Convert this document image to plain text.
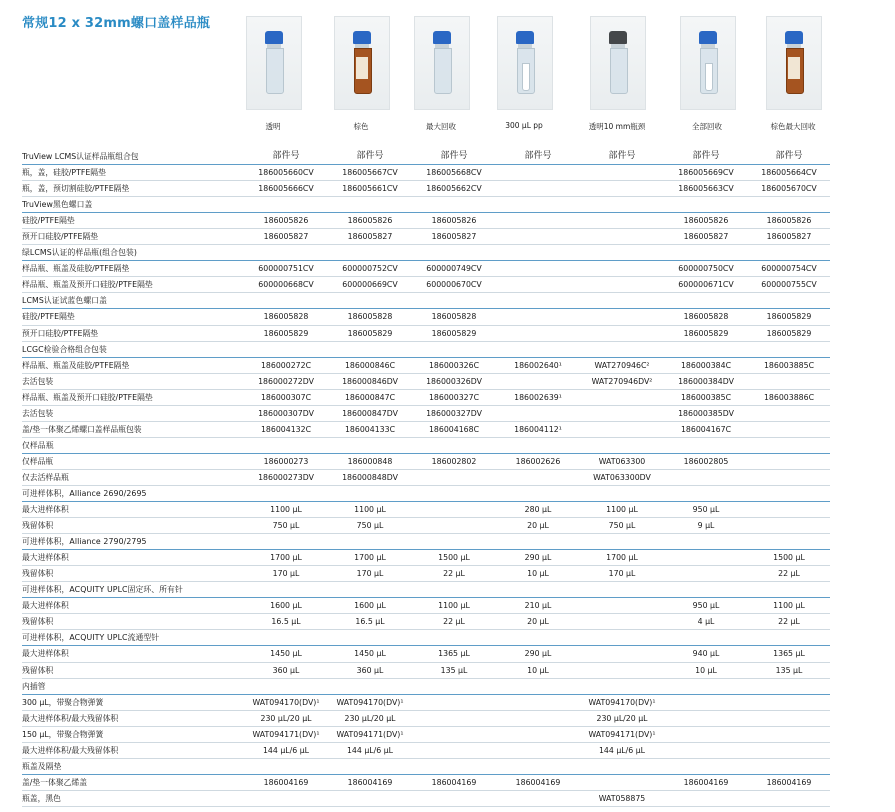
常规12 x 32mm螺口盖样品瓶
透明	棕色	最大回收	300 µL pp	透明10 mm瓶颈	全部回收	棕色最大回收
TruView LCMS认证样品瓶组合包	部件号	部件号	部件号	部件号	部件号	部件号	部件号
瓶，盖，硅胶/PTFE隔垫	186005660CV	186005667CV	186005668CV			186005669CV	186005664CV
瓶，盖，预切割硅胶/PTFE隔垫	186005666CV	186005661CV	186005662CV			186005663CV	186005670CV
TruView黑色螺口盖							
硅胶/PTFE隔垫	186005826	186005826	186005826			186005826	186005826
预开口硅胶/PTFE隔垫	186005827	186005827	186005827			186005827	186005827
绿LCMS认证的样品瓶(组合包装)							
样品瓶、瓶盖及硅胶/PTFE隔垫	600000751CV	600000752CV	600000749CV			600000750CV	600000754CV
样品瓶、瓶盖及预开口硅胶/PTFE隔垫	600000668CV	600000669CV	600000670CV			600000671CV	600000755CV
LCMS认证试蓝色螺口盖							
硅胶/PTFE隔垫	186005828	186005828	186005828			186005828	186005829
预开口硅胶/PTFE隔垫	186005829	186005829	186005829			186005829	186005829
LCGC检验合格组合包装							
样品瓶、瓶盖及硅胶/PTFE隔垫	186000272C	186000846C	186000326C	186002640¹	WAT270946C²	186000384C	186003885C
去活包装	186000272DV	186000846DV	186000326DV		WAT270946DV²	186000384DV	
样品瓶、瓶盖及预开口硅胶/PTFE隔垫	186000307C	186000847C	186000327C	186002639¹		186000385C	186003886C
去活包装	186000307DV	186000847DV	186000327DV			186000385DV	
盖/垫一体聚乙烯螺口盖样品瓶包装	186004132C	186004133C	186004168C	186004112¹		186004167C	
仅样品瓶							
仅样品瓶	186000273	186000848	186002802	186002626	WAT063300	186002805	
仅去活样品瓶	186000273DV	186000848DV			WAT063300DV		
可进样体积，Alliance 2690/2695							
最大进样体积	1100 µL	1100 µL		280 µL	1100 µL	950 µL	
残留体积	750 µL	750 µL		20 µL	750 µL	9 µL	
可进样体积，Alliance 2790/2795							
最大进样体积	1700 µL	1700 µL	1500 µL	290 µL	1700 µL		1500 µL
残留体积	170 µL	170 µL	22 µL	10 µL	170 µL		22 µL
可进样体积，ACQUITY UPLC固定环、所有针							
最大进样体积	1600 µL	1600 µL	1100 µL	210 µL		950 µL	1100 µL
残留体积	16.5 µL	16.5 µL	22 µL	20 µL		4 µL	22 µL
可进样体积，ACQUITY UPLC流通型针							
最大进样体积	1450 µL	1450 µL	1365 µL	290 µL		940 µL	1365 µL
残留体积	360 µL	360 µL	135 µL	10 µL		10 µL	135 µL
内插管							
300 µL，带聚合物弹簧	WAT094170(DV)¹	WAT094170(DV)¹			WAT094170(DV)¹		
最大进样体积/最大残留体积	230 µL/20 µL	230 µL/20 µL			230 µL/20 µL		
150 µL，带聚合物弹簧	WAT094171(DV)¹	WAT094171(DV)¹			WAT094171(DV)¹		
最大进样体积/最大残留体积	144 µL/6 µL	144 µL/6 µL			144 µL/6 µL		
瓶盖及隔垫							
盖/垫一体聚乙烯盖	186004169	186004169	186004169	186004169		186004169	186004169
瓶盖，黑色					WAT058875		
